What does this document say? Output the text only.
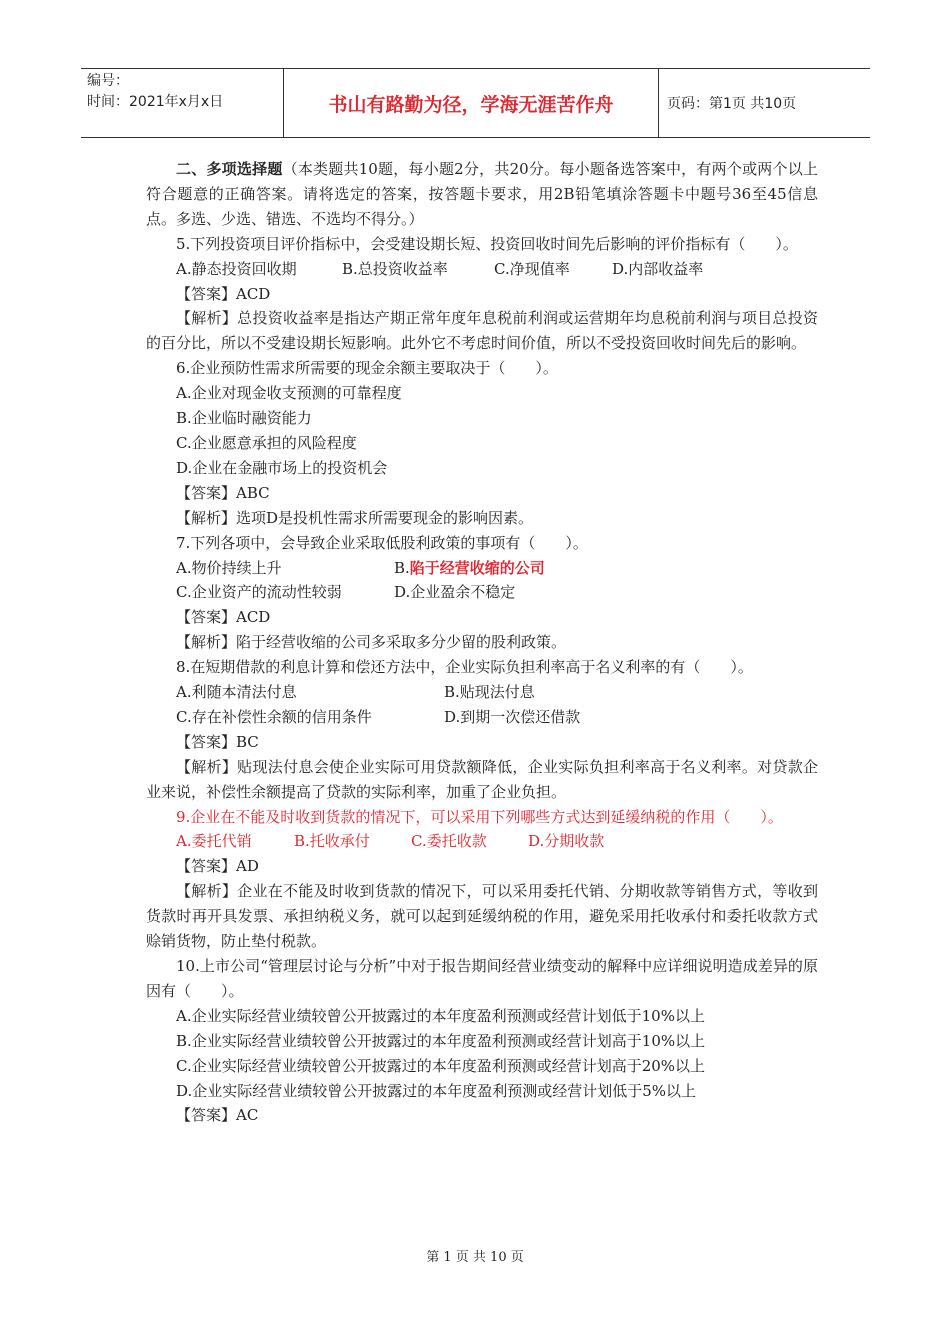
编号：
时间：2021年x月x日	书山有路勤为径，学海无涯苦作舟	页码：第1页 共10页

二、多项选择题（本类题共10题，每小题2分，共20分。每小题备选答案中，有两个或两个以上符合题意的正确答案。请将选定的答案，按答题卡要求，用2B铅笔填涂答题卡中题号36至45信息点。多选、少选、错选、不选均不得分。）

5.下列投资项目评价指标中，会受建设期长短、投资回收时间先后影响的评价指标有（　　）。

A.静态投资回收期	B.总投资收益率	C.净现值率	D.内部收益率

【答案】ACD

【解析】总投资收益率是指达产期正常年度年息税前利润或运营期年均息税前利润与项目总投资的百分比，所以不受建设期长短影响。此外它不考虑时间价值，所以不受投资回收时间先后的影响。

6.企业预防性需求所需要的现金余额主要取决于（　　）。

A.企业对现金收支预测的可靠程度

B.企业临时融资能力

C.企业愿意承担的风险程度

D.企业在金融市场上的投资机会

【答案】ABC

【解析】选项D是投机性需求所需要现金的影响因素。

7.下列各项中，会导致企业采取低股利政策的事项有（　　）。

A.物价持续上升	B.陷于经营收缩的公司

C.企业资产的流动性较弱	D.企业盈余不稳定

【答案】ACD

【解析】陷于经营收缩的公司多采取多分少留的股利政策。

8.在短期借款的利息计算和偿还方法中，企业实际负担利率高于名义利率的有（　　）。

A.利随本清法付息	B.贴现法付息

C.存在补偿性余额的信用条件	D.到期一次偿还借款

【答案】BC

【解析】贴现法付息会使企业实际可用贷款额降低，企业实际负担利率高于名义利率。对贷款企业来说，补偿性余额提高了贷款的实际利率，加重了企业负担。

9.企业在不能及时收到货款的情况下，可以采用下列哪些方式达到延缓纳税的作用（　　）。

A.委托代销	B.托收承付	C.委托收款	D.分期收款

【答案】AD

【解析】企业在不能及时收到货款的情况下，可以采用委托代销、分期收款等销售方式，等收到货款时再开具发票、承担纳税义务，就可以起到延缓纳税的作用，避免采用托收承付和委托收款方式赊销货物，防止垫付税款。

10.上市公司“管理层讨论与分析”中对于报告期间经营业绩变动的解释中应详细说明造成差异的原因有（　　）。

A.企业实际经营业绩较曾公开披露过的本年度盈利预测或经营计划低于10%以上

B.企业实际经营业绩较曾公开披露过的本年度盈利预测或经营计划高于10%以上

C.企业实际经营业绩较曾公开披露过的本年度盈利预测或经营计划高于20%以上

D.企业实际经营业绩较曾公开披露过的本年度盈利预测或经营计划低于5%以上

【答案】AC

第 1 页 共 10 页
